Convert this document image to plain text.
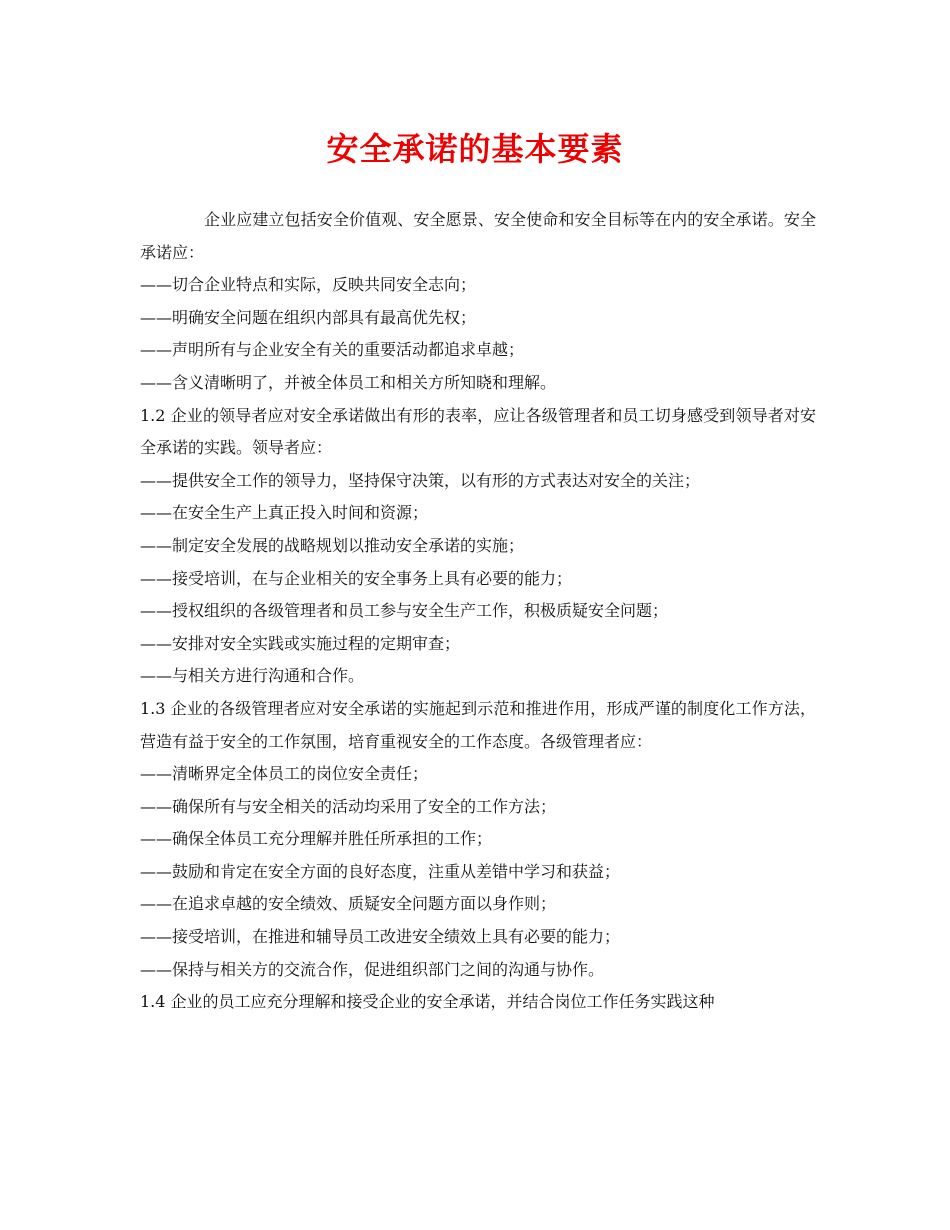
安全承诺的基本要素

企业应建立包括安全价值观、安全愿景、安全使命和安全目标等在内的安全承诺。安全承诺应：

——切合企业特点和实际，反映共同安全志向；

——明确安全问题在组织内部具有最高优先权；

——声明所有与企业安全有关的重要活动都追求卓越；

——含义清晰明了，并被全体员工和相关方所知晓和理解。

1.2 企业的领导者应对安全承诺做出有形的表率，应让各级管理者和员工切身感受到领导者对安全承诺的实践。领导者应：

——提供安全工作的领导力，坚持保守决策，以有形的方式表达对安全的关注；

——在安全生产上真正投入时间和资源；

——制定安全发展的战略规划以推动安全承诺的实施；

——接受培训，在与企业相关的安全事务上具有必要的能力；

——授权组织的各级管理者和员工参与安全生产工作，积极质疑安全问题；

——安排对安全实践或实施过程的定期审查；

——与相关方进行沟通和合作。

1.3 企业的各级管理者应对安全承诺的实施起到示范和推进作用，形成严谨的制度化工作方法，营造有益于安全的工作氛围，培育重视安全的工作态度。各级管理者应：

——清晰界定全体员工的岗位安全责任；

——确保所有与安全相关的活动均采用了安全的工作方法；

——确保全体员工充分理解并胜任所承担的工作；

——鼓励和肯定在安全方面的良好态度，注重从差错中学习和获益；

——在追求卓越的安全绩效、质疑安全问题方面以身作则；

——接受培训，在推进和辅导员工改进安全绩效上具有必要的能力；

——保持与相关方的交流合作，促进组织部门之间的沟通与协作。

1.4 企业的员工应充分理解和接受企业的安全承诺，并结合岗位工作任务实践这种
